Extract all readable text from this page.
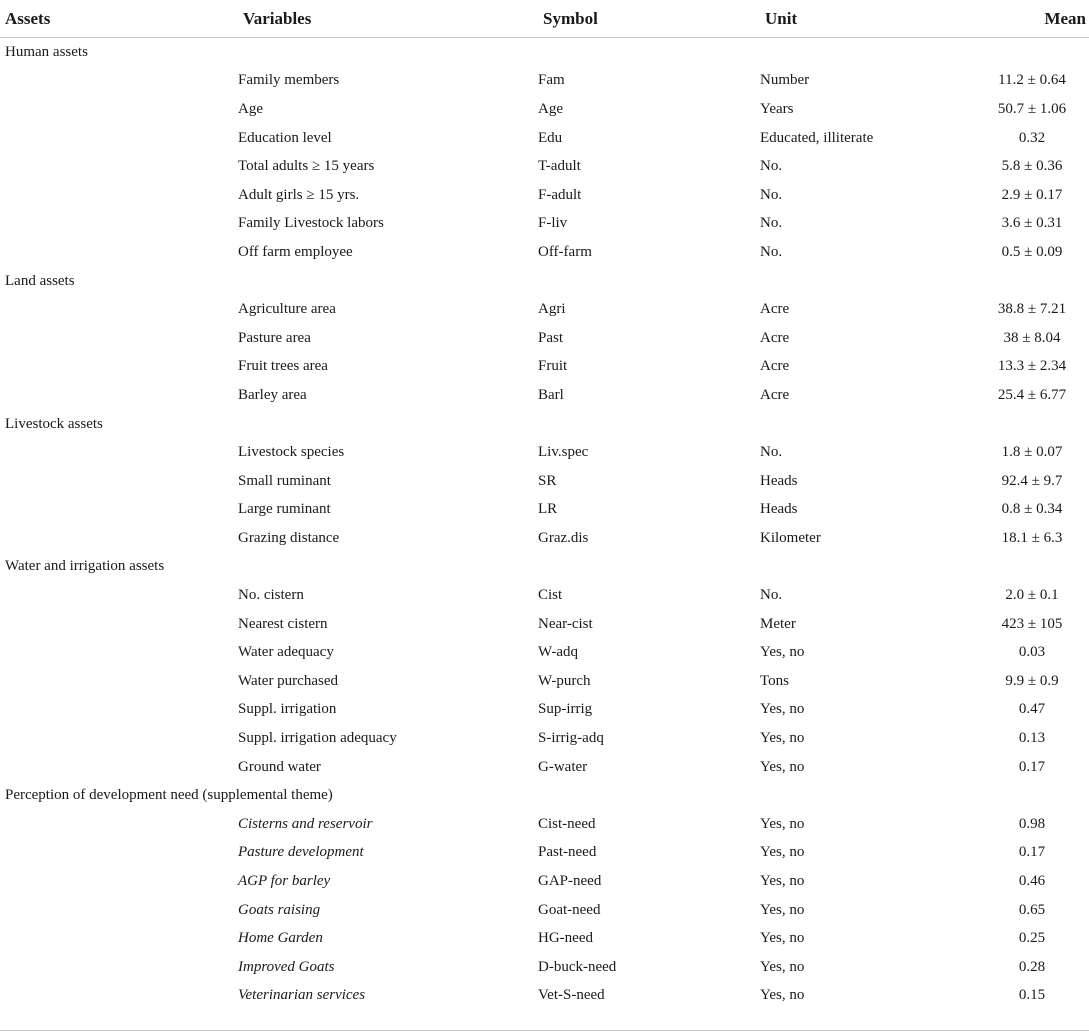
Assets	Variables	Symbol	Unit	Mean
Human assets				
	Family members	Fam	Number	11.2 ± 0.64
	Age	Age	Years	50.7 ± 1.06
	Education level	Edu	Educated, illiterate	0.32
	Total adults ≥ 15 years	T-adult	No.	5.8 ± 0.36
	Adult girls ≥ 15 yrs.	F-adult	No.	2.9 ± 0.17
	Family Livestock labors	F-liv	No.	3.6 ± 0.31
	Off farm employee	Off-farm	No.	0.5 ± 0.09
Land assets				
	Agriculture area	Agri	Acre	38.8 ± 7.21
	Pasture area	Past	Acre	38 ± 8.04
	Fruit trees area	Fruit	Acre	13.3 ± 2.34
	Barley area	Barl	Acre	25.4 ± 6.77
Livestock assets				
	Livestock species	Liv.spec	No.	1.8 ± 0.07
	Small ruminant	SR	Heads	92.4 ± 9.7
	Large ruminant	LR	Heads	0.8 ± 0.34
	Grazing distance	Graz.dis	Kilometer	18.1 ± 6.3
Water and irrigation assets				
	No. cistern	Cist	No.	2.0 ± 0.1
	Nearest cistern	Near-cist	Meter	423 ± 105
	Water adequacy	W-adq	Yes, no	0.03
	Water purchased	W-purch	Tons	9.9 ± 0.9
	Suppl. irrigation	Sup-irrig	Yes, no	0.47
	Suppl. irrigation adequacy	S-irrig-adq	Yes, no	0.13
	Ground water	G-water	Yes, no	0.17
Perception of development need (supplemental theme)				
	Cisterns and reservoir	Cist-need	Yes, no	0.98
	Pasture development	Past-need	Yes, no	0.17
	AGP for barley	GAP-need	Yes, no	0.46
	Goats raising	Goat-need	Yes, no	0.65
	Home Garden	HG-need	Yes, no	0.25
	Improved Goats	D-buck-need	Yes, no	0.28
	Veterinarian services	Vet-S-need	Yes, no	0.15
